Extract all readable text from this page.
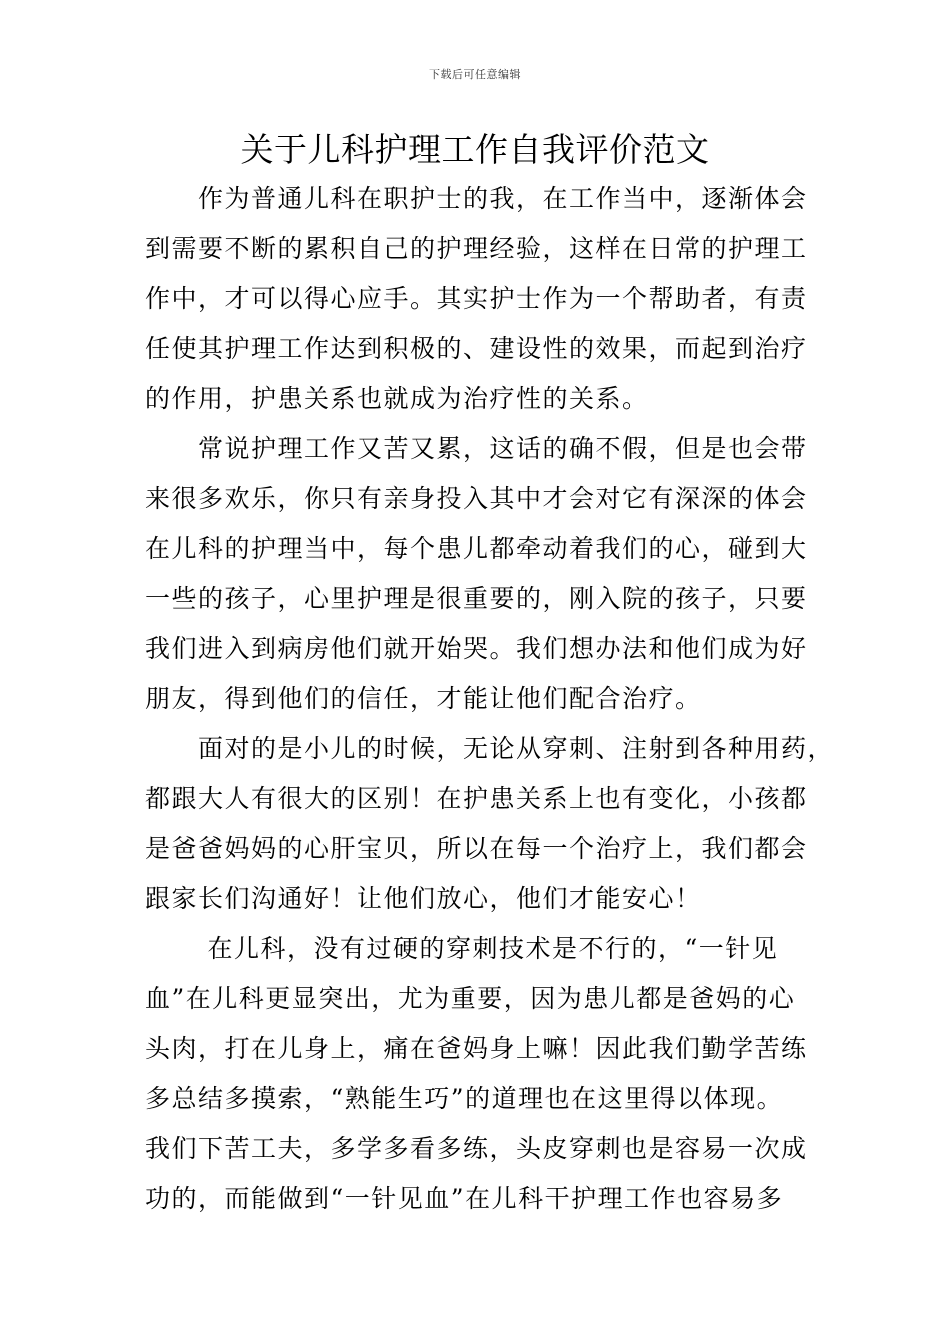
下载后可任意编辑
关于儿科护理工作自我评价范文
　　作为普通儿科在职护士的我，在工作当中，逐渐体会
到需要不断的累积自己的护理经验，这样在日常的护理工
作中，才可以得心应手。其实护士作为一个帮助者，有责
任使其护理工作达到积极的、建设性的效果，而起到治疗
的作用，护患关系也就成为治疗性的关系。
　　常说护理工作又苦又累，这话的确不假，但是也会带
来很多欢乐，你只有亲身投入其中才会对它有深深的体会
在儿科的护理当中，每个患儿都牵动着我们的心，碰到大
一些的孩子，心里护理是很重要的，刚入院的孩子，只要
我们进入到病房他们就开始哭。我们想办法和他们成为好
朋友，得到他们的信任，才能让他们配合治疗。
　　面对的是小儿的时候，无论从穿刺、注射到各种用药，
都跟大人有很大的区别！在护患关系上也有变化，小孩都
是爸爸妈妈的心肝宝贝，所以在每一个治疗上，我们都会
跟家长们沟通好！让他们放心，他们才能安心！
　　 在儿科，没有过硬的穿刺技术是不行的，“一针见
血”在儿科更显突出，尤为重要，因为患儿都是爸妈的心
头肉，打在儿身上，痛在爸妈身上嘛！因此我们勤学苦练
多总结多摸索，“熟能生巧”的道理也在这里得以体现。
我们下苦工夫，多学多看多练，头皮穿刺也是容易一次成
功的，而能做到“一针见血”在儿科干护理工作也容易多
